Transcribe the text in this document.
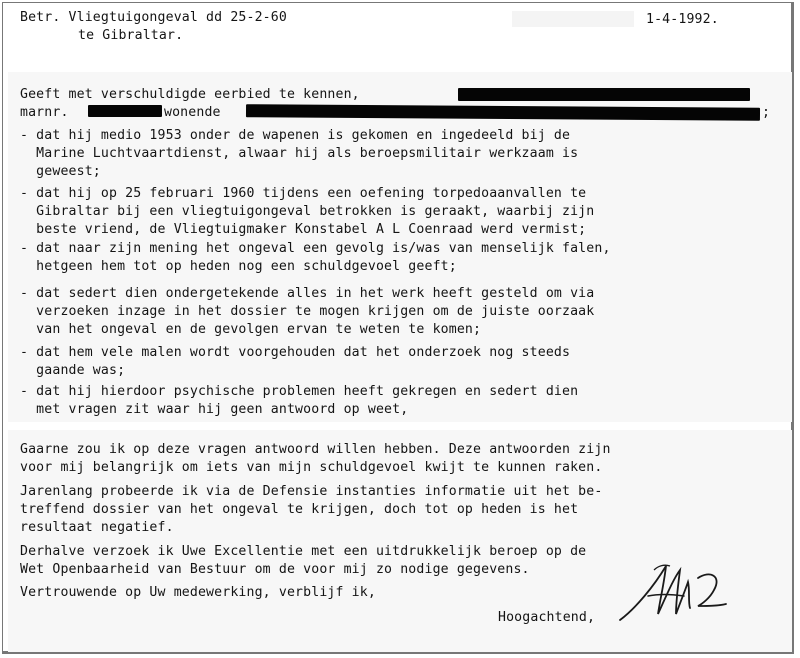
Betr. Vliegtuigongeval dd 25-2-60

te Gibraltar.

1-4-1992.

Geeft met verschuldigde eerbied te kennen,

marnr.	wonende	;

- dat hij medio 1953 onder de wapenen is gekomen en ingedeeld bij de

Marine Luchtvaartdienst, alwaar hij als beroepsmilitair werkzaam is

geweest;

- dat hij op 25 februari 1960 tijdens een oefening torpedoaanvallen te

Gibraltar bij een vliegtuigongeval betrokken is geraakt, waarbij zijn

beste vriend, de Vliegtuigmaker Konstabel A L Coenraad werd vermist;

- dat naar zijn mening het ongeval een gevolg is/was van menselijk falen,

hetgeen hem tot op heden nog een schuldgevoel geeft;

- dat sedert dien ondergetekende alles in het werk heeft gesteld om via

verzoeken inzage in het dossier te mogen krijgen om de juiste oorzaak

van het ongeval en de gevolgen ervan te weten te komen;

- dat hem vele malen wordt voorgehouden dat het onderzoek nog steeds

gaande was;

- dat hij hierdoor psychische problemen heeft gekregen en sedert dien

met vragen zit waar hij geen antwoord op weet,

Gaarne zou ik op deze vragen antwoord willen hebben. Deze antwoorden zijn

voor mij belangrijk om iets van mijn schuldgevoel kwijt te kunnen raken.

Jarenlang probeerde ik via de Defensie instanties informatie uit het be-

treffend dossier van het ongeval te krijgen, doch tot op heden is het

resultaat negatief.

Derhalve verzoek ik Uwe Excellentie met een uitdrukkelijk beroep op de

Wet Openbaarheid van Bestuur om de voor mij zo nodige gegevens.

Vertrouwende op Uw medewerking, verblijf ik,

Hoogachtend,
